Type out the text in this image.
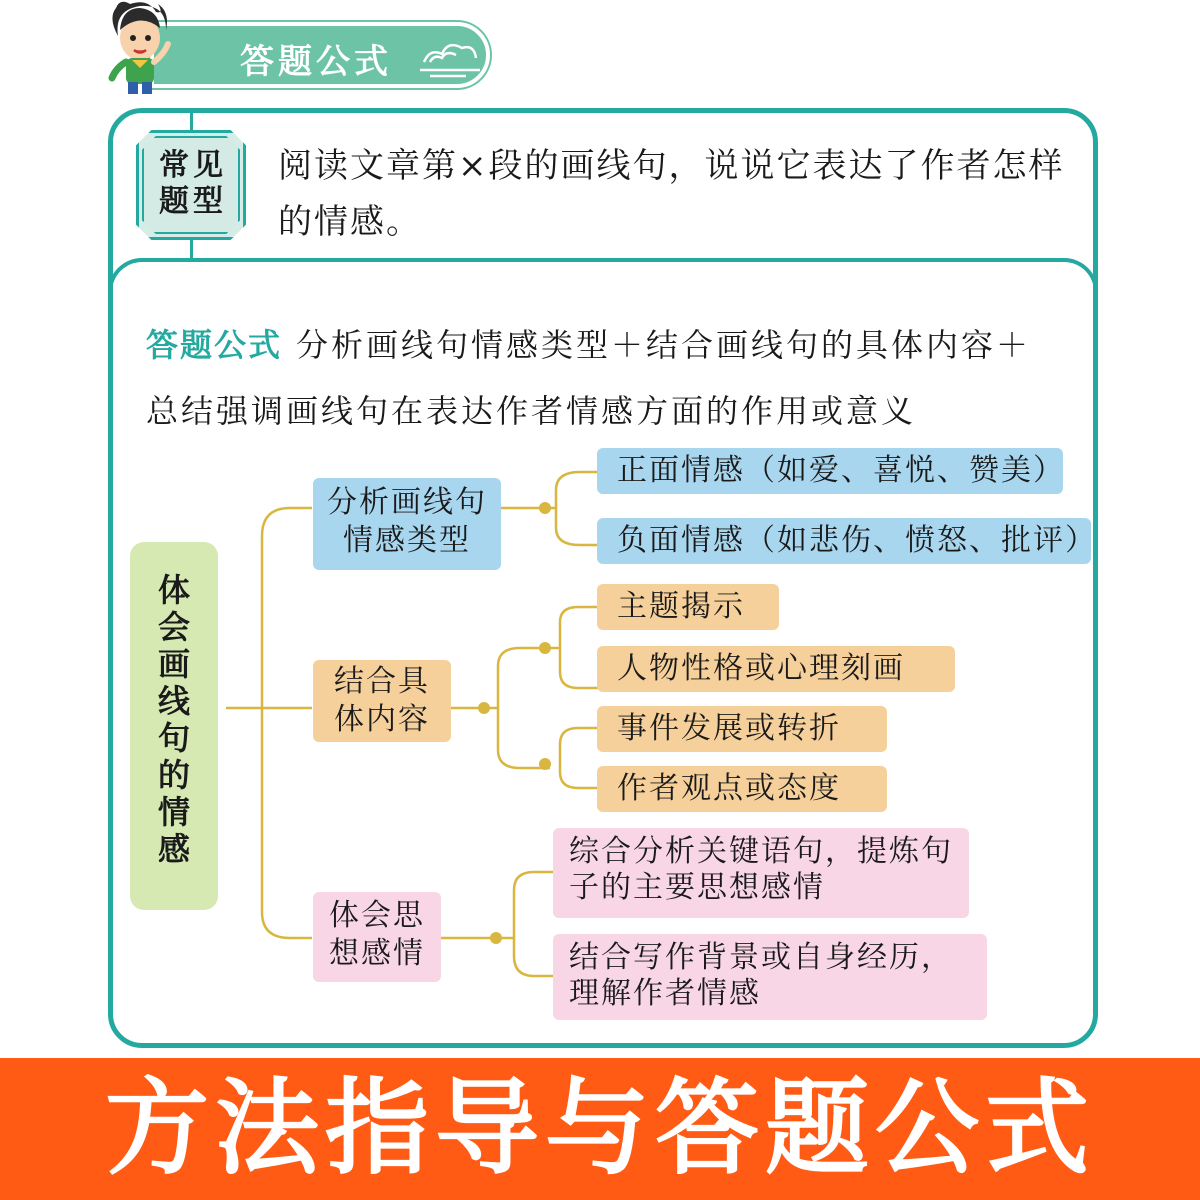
答题公式
常见题型
阅读文章第×段的画线句，说说它表达了作者怎样的情感。
答题公式 分析画线句情感类型＋结合画线句的具体内容＋总结强调画线句在表达作者情感方面的作用或意义
体会画线句的情感
分析画线句情感类型
正面情感（如爱、喜悦、赞美）
负面情感（如悲伤、愤怒、批评）
结合具体内容
主题揭示
人物性格或心理刻画
事件发展或转折
作者观点或态度
体会思想感情
综合分析关键语句，提炼句子的主要思想感情
结合写作背景或自身经历，理解作者情感
方法指导与答题公式
